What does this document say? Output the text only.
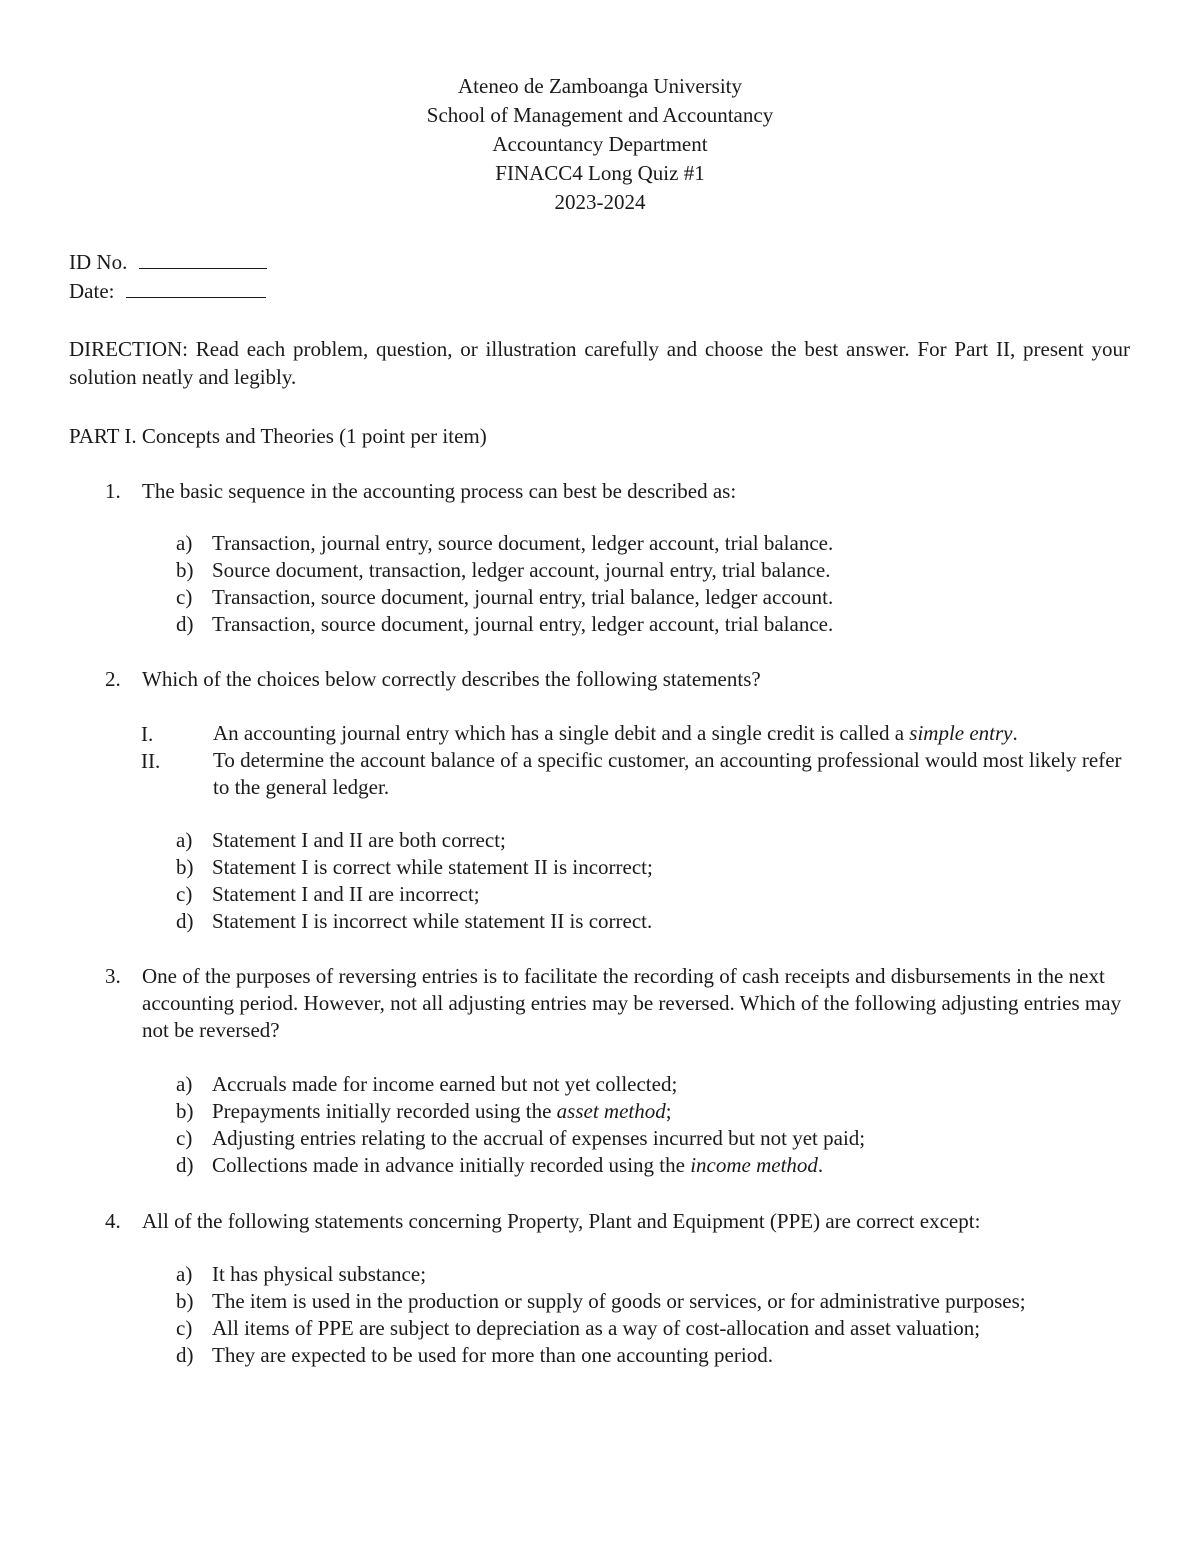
Ateneo de Zamboanga University
School of Management and Accountancy
Accountancy Department
FINACC4 Long Quiz #1
2023-2024
ID No.
Date:
DIRECTION: Read each problem, question, or illustration carefully and choose the best answer. For Part II, present your solution neatly and legibly.
PART I. Concepts and Theories (1 point per item)
1. The basic sequence in the accounting process can best be described as:
a) Transaction, journal entry, source document, ledger account, trial balance.
b) Source document, transaction, ledger account, journal entry, trial balance.
c) Transaction, source document, journal entry, trial balance, ledger account.
d) Transaction, source document, journal entry, ledger account, trial balance.
2. Which of the choices below correctly describes the following statements?
I.	An accounting journal entry which has a single debit and a single credit is called a simple entry.
II.	To determine the account balance of a specific customer, an accounting professional would most likely refer to the general ledger.
a) Statement I and II are both correct;
b) Statement I is correct while statement II is incorrect;
c) Statement I and II are incorrect;
d) Statement I is incorrect while statement II is correct.
3. One of the purposes of reversing entries is to facilitate the recording of cash receipts and disbursements in the next accounting period. However, not all adjusting entries may be reversed. Which of the following adjusting entries may not be reversed?
a) Accruals made for income earned but not yet collected;
b) Prepayments initially recorded using the asset method;
c) Adjusting entries relating to the accrual of expenses incurred but not yet paid;
d) Collections made in advance initially recorded using the income method.
4. All of the following statements concerning Property, Plant and Equipment (PPE) are correct except:
a) It has physical substance;
b) The item is used in the production or supply of goods or services, or for administrative purposes;
c) All items of PPE are subject to depreciation as a way of cost-allocation and asset valuation;
d) They are expected to be used for more than one accounting period.
